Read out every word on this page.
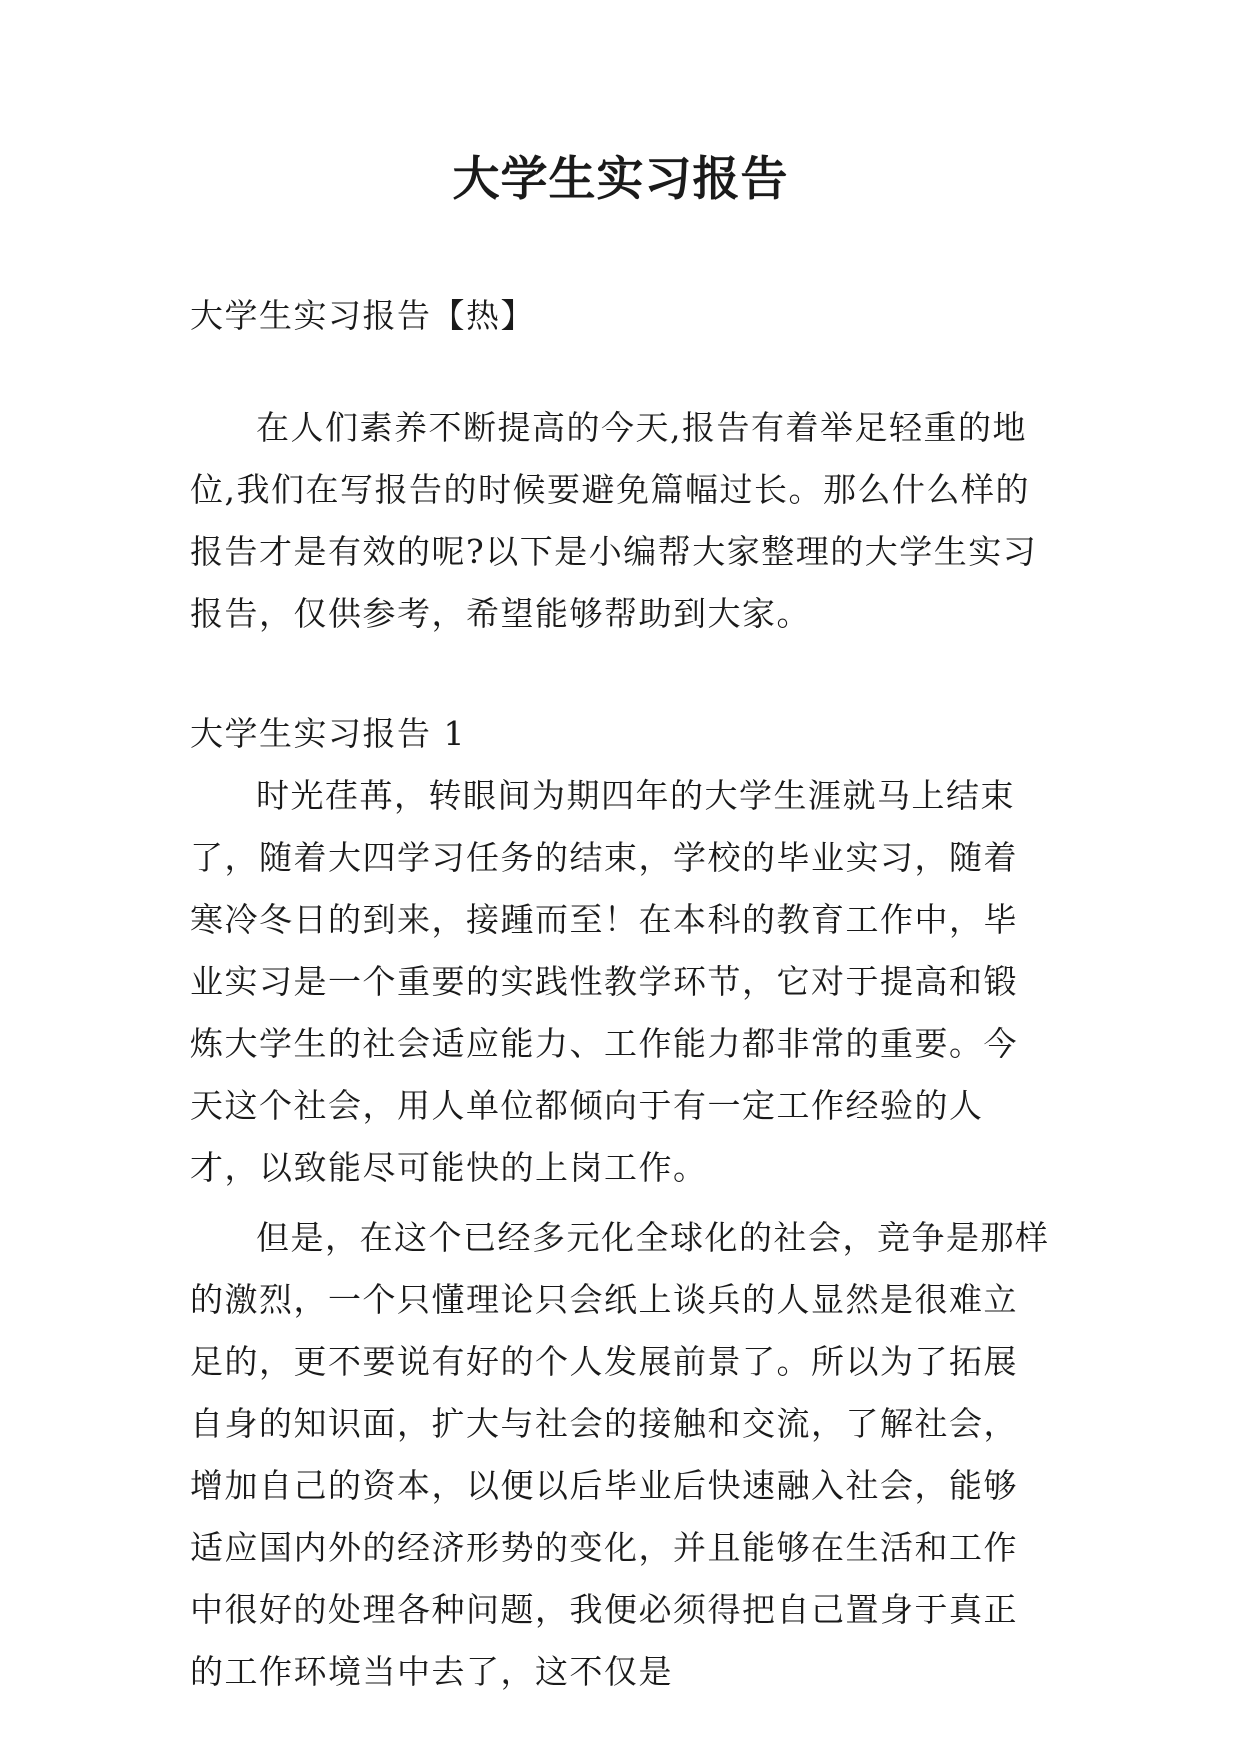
大学生实习报告

大学生实习报告【热】

在人们素养不断提高的今天,报告有着举足轻重的地位,我们在写报告的时候要避免篇幅过长。那么什么样的报告才是有效的呢?以下是小编帮大家整理的大学生实习报告，仅供参考，希望能够帮助到大家。

大学生实习报告 1

时光荏苒，转眼间为期四年的大学生涯就马上结束了，随着大四学习任务的结束，学校的毕业实习，随着寒冷冬日的到来，接踵而至！在本科的教育工作中，毕业实习是一个重要的实践性教学环节，它对于提高和锻炼大学生的社会适应能力、工作能力都非常的重要。今天这个社会，用人单位都倾向于有一定工作经验的人才，以致能尽可能快的上岗工作。

但是，在这个已经多元化全球化的社会，竞争是那样的激烈，一个只懂理论只会纸上谈兵的人显然是很难立足的，更不要说有好的个人发展前景了。所以为了拓展自身的知识面，扩大与社会的接触和交流，了解社会，增加自己的资本，以便以后毕业后快速融入社会，能够适应国内外的经济形势的变化，并且能够在生活和工作中很好的处理各种问题，我便必须得把自己置身于真正的工作环境当中去了，这不仅是
